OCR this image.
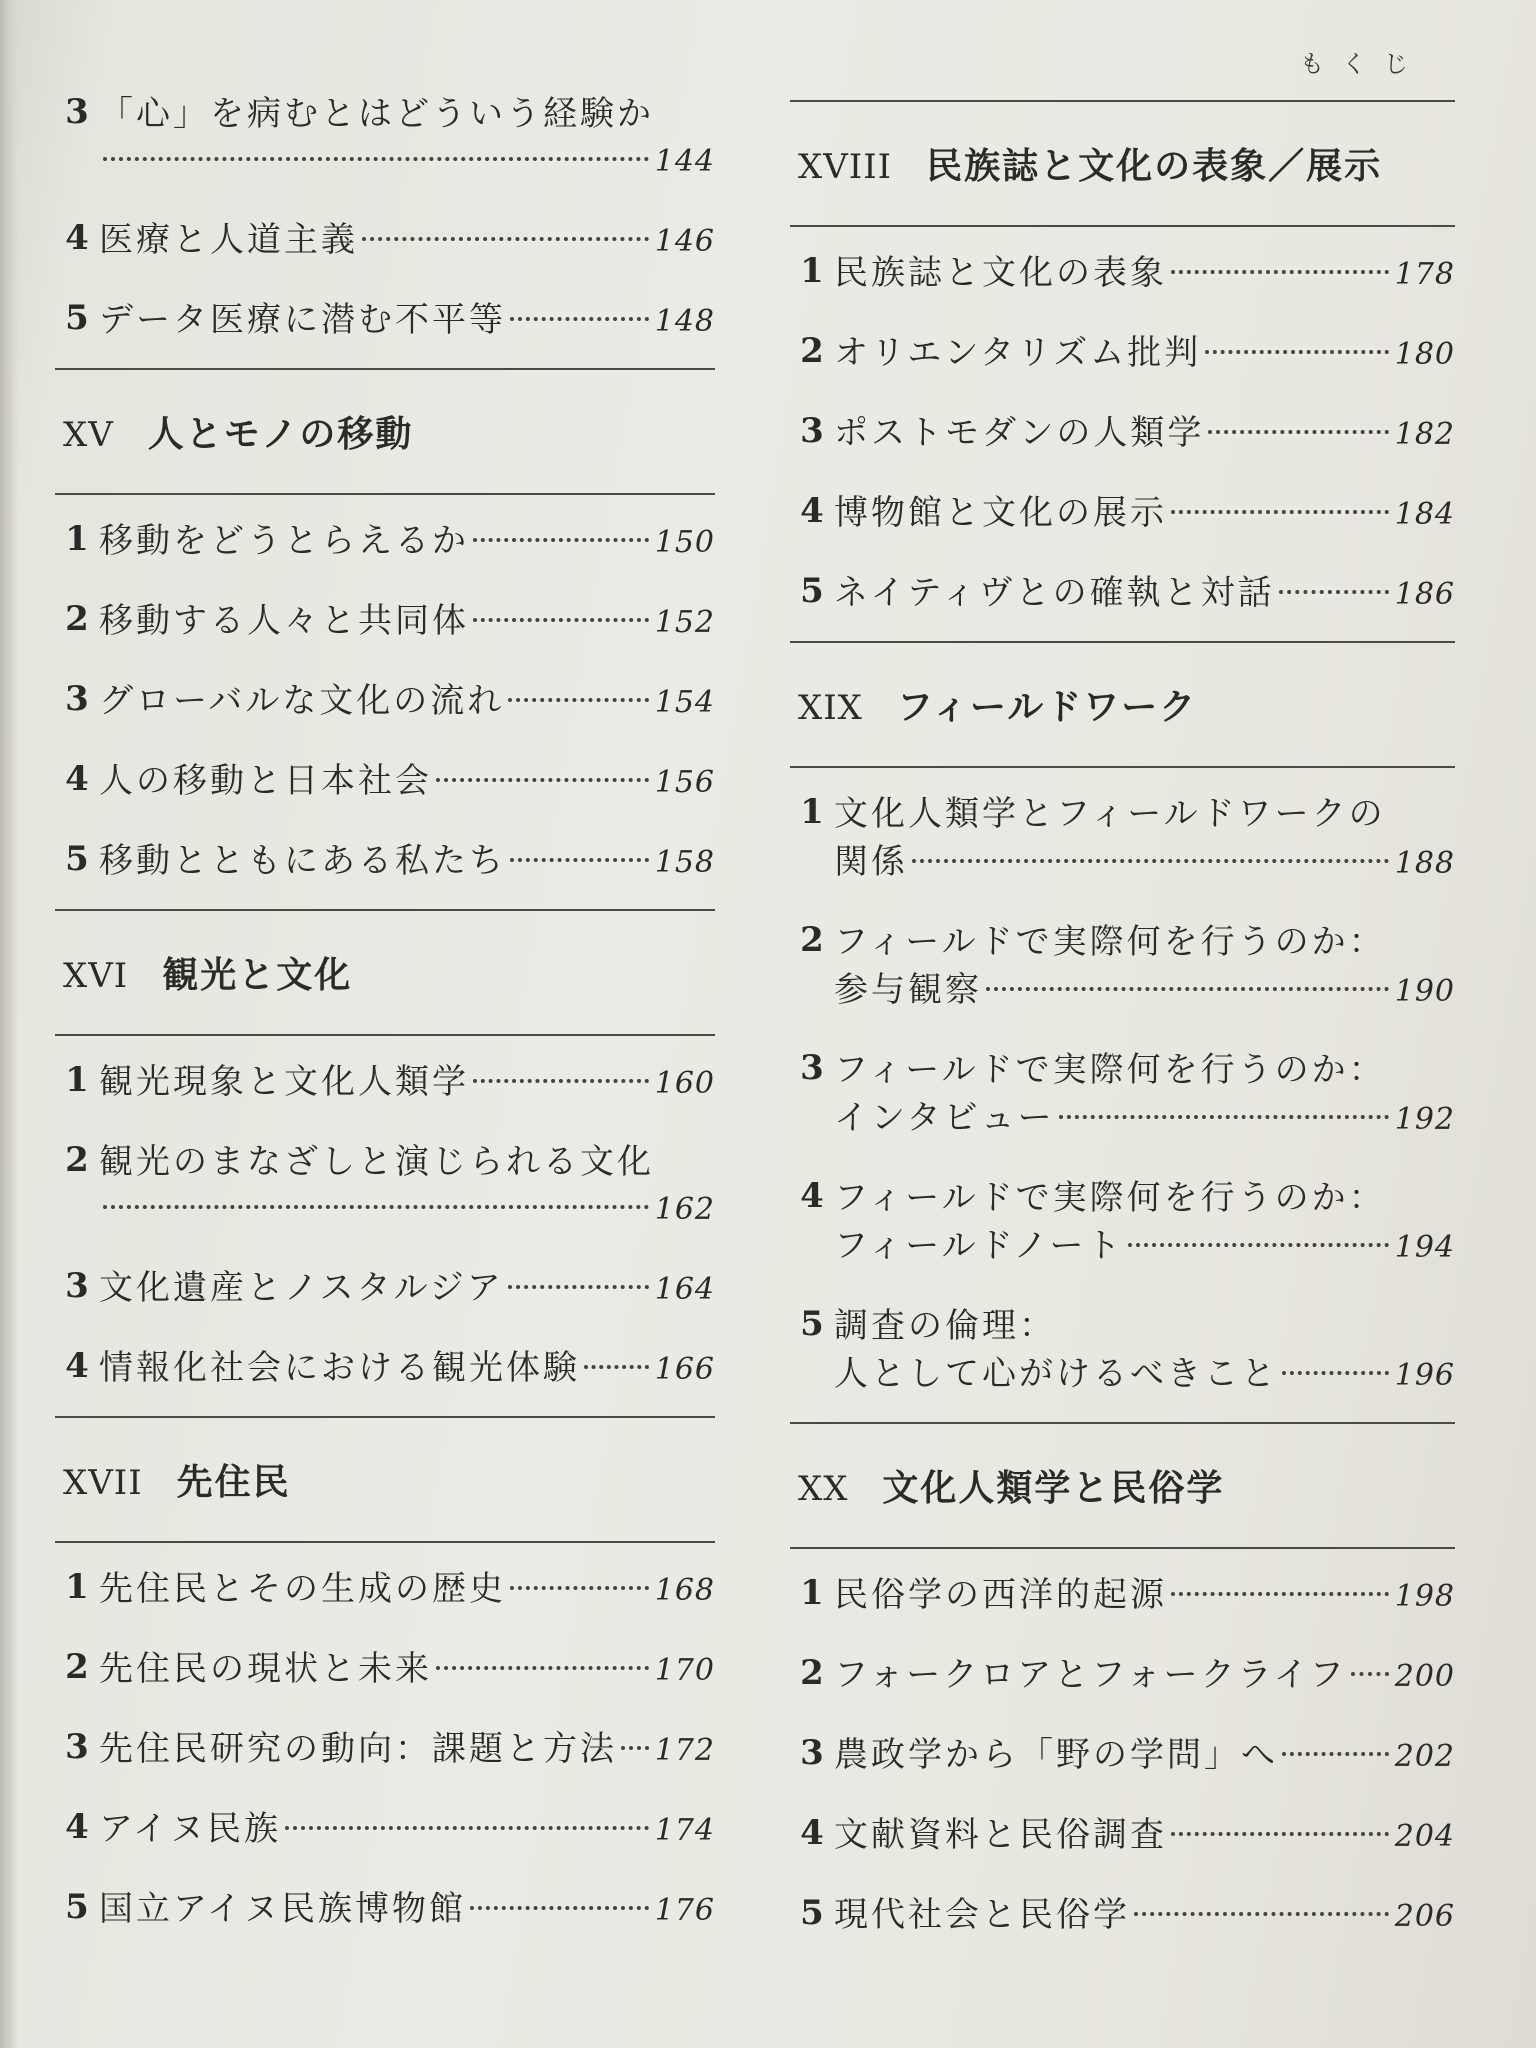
もくじ
3 「心」を病むとはどういう経験か
144
4 医療と人道主義	146
5 データ医療に潜む不平等	148
XV 人とモノの移動
1 移動をどうとらえるか	150
2 移動する人々と共同体	152
3 グローバルな文化の流れ	154
4 人の移動と日本社会	156
5 移動とともにある私たち	158
XVI 観光と文化
1 観光現象と文化人類学	160
2 観光のまなざしと演じられる文化
162
3 文化遺産とノスタルジア	164
4 情報化社会における観光体験 166
XVII 先住民
1 先住民とその生成の歴史	168
2 先住民の現状と未来	170
3 先住民研究の動向：課題と方法 172
4 アイヌ民族	174
5 国立アイヌ民族博物館	176
XVIII 民族誌と文化の表象／展示
1 民族誌と文化の表象	178
2 オリエンタリズム批判	180
3 ポストモダンの人類学	182
4 博物館と文化の展示	184
5 ネイティヴとの確執と対話	186
XIX フィールドワーク
1 文化人類学とフィールドワークの
関係	188
2 フィールドで実際何を行うのか：
参与観察	190
3 フィールドで実際何を行うのか：
インタビュー	192
4 フィールドで実際何を行うのか：
フィールドノート	194
5 調査の倫理：
人として心がけるべきこと	196
XX 文化人類学と民俗学
1 民俗学の西洋的起源	198
2 フォークロアとフォークライフ 200
3 農政学から「野の学問」へ	202
4 文献資料と民俗調査	204
5 現代社会と民俗学	206
